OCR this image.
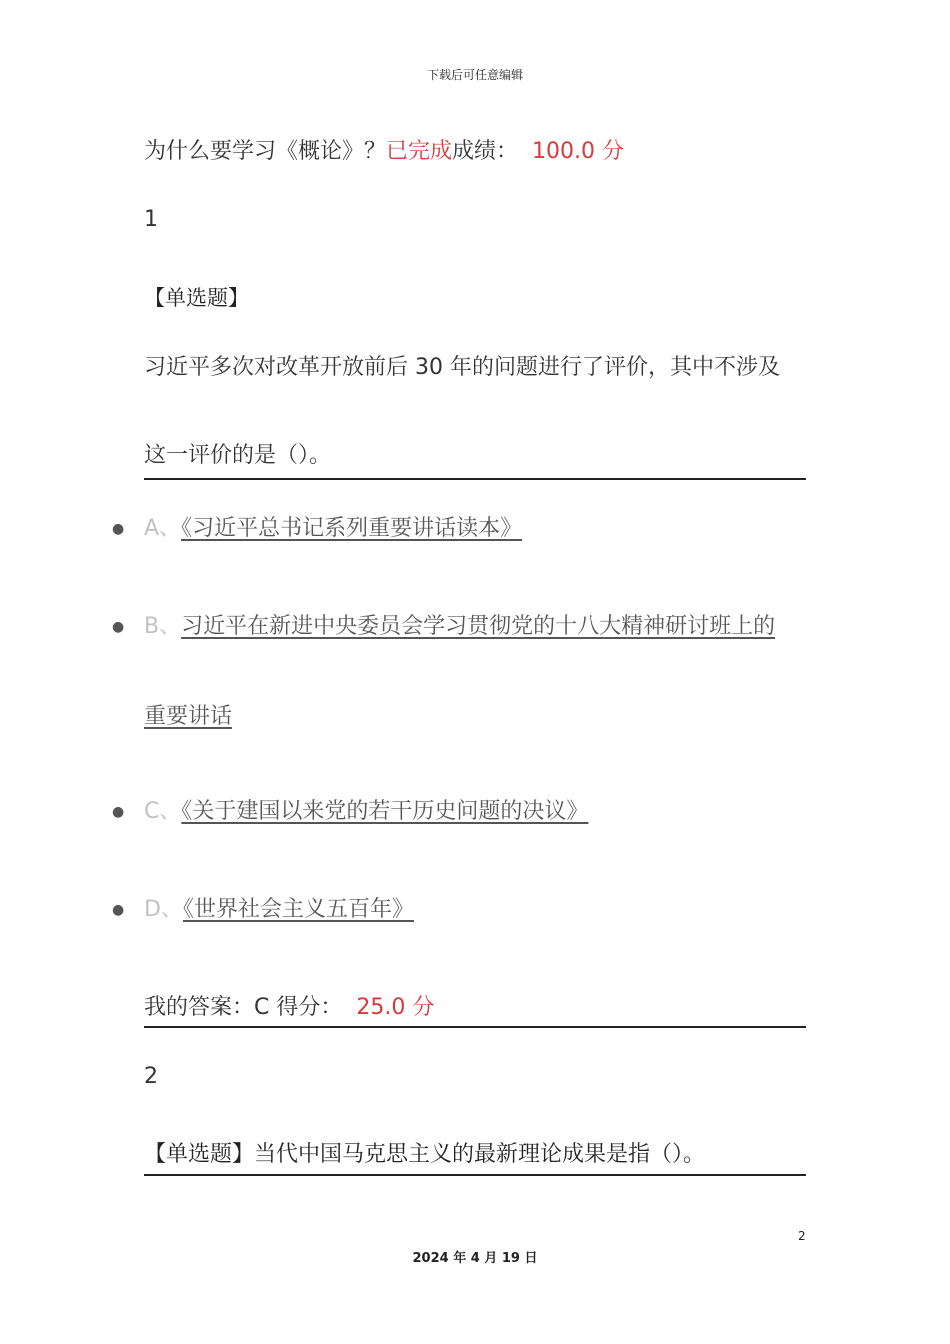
下载后可任意编辑
为什么要学习《概论》？已完成成绩： 100.0 分
1
【单选题】
习近平多次对改革开放前后 30 年的问题进行了评价，其中不涉及
这一评价的是（）。
● A、《习近平总书记系列重要讲话读本》
● B、习近平在新进中央委员会学习贯彻党的十八大精神研讨班上的
重要讲话
● C、《关于建国以来党的若干历史问题的决议》
● D、《世界社会主义五百年》
我的答案：C 得分： 25.0 分
2
【单选题】当代中国马克思主义的最新理论成果是指（）。
2
2024 年 4 月 19 日
